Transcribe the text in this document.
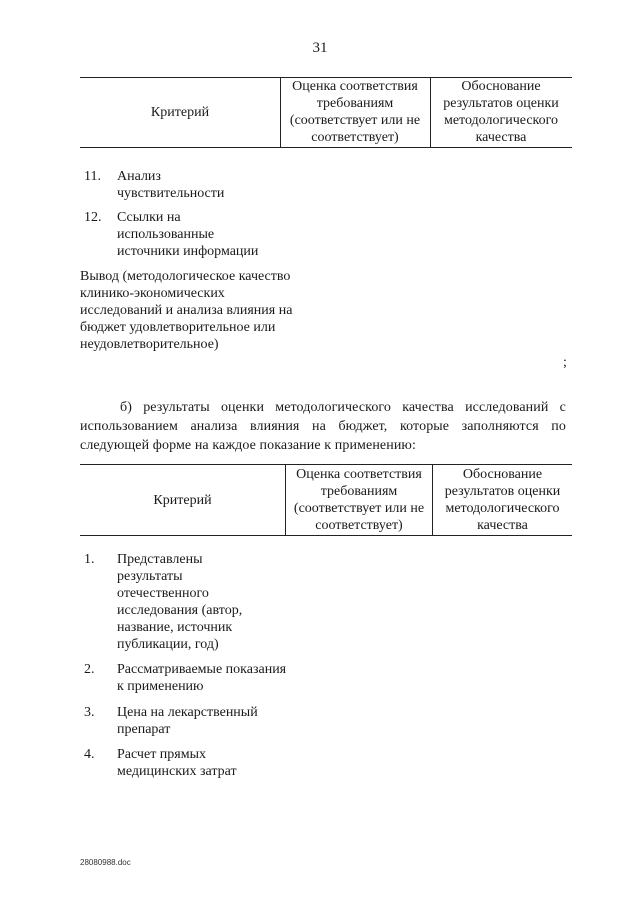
31
Критерий
Оценка соответствия требованиям (соответствует или не соответствует)
Обоснование результатов оценки методологического качества
11. Анализ чувствительности
12. Ссылки на использованные источники информации
Вывод (методологическое качество клинико-экономических исследований и анализа влияния на бюджет удовлетворительное или неудовлетворительное)
;
б) результаты оценки методологического качества исследований с использованием анализа влияния на бюджет, которые заполняются по следующей форме на каждое показание к применению:
Критерий
Оценка соответствия требованиям (соответствует или не соответствует)
Обоснование результатов оценки методологического качества
1. Представлены результаты отечественного исследования (автор, название, источник публикации, год)
2. Рассматриваемые показания к применению
3. Цена на лекарственный препарат
4. Расчет прямых медицинских затрат
28080988.doc
